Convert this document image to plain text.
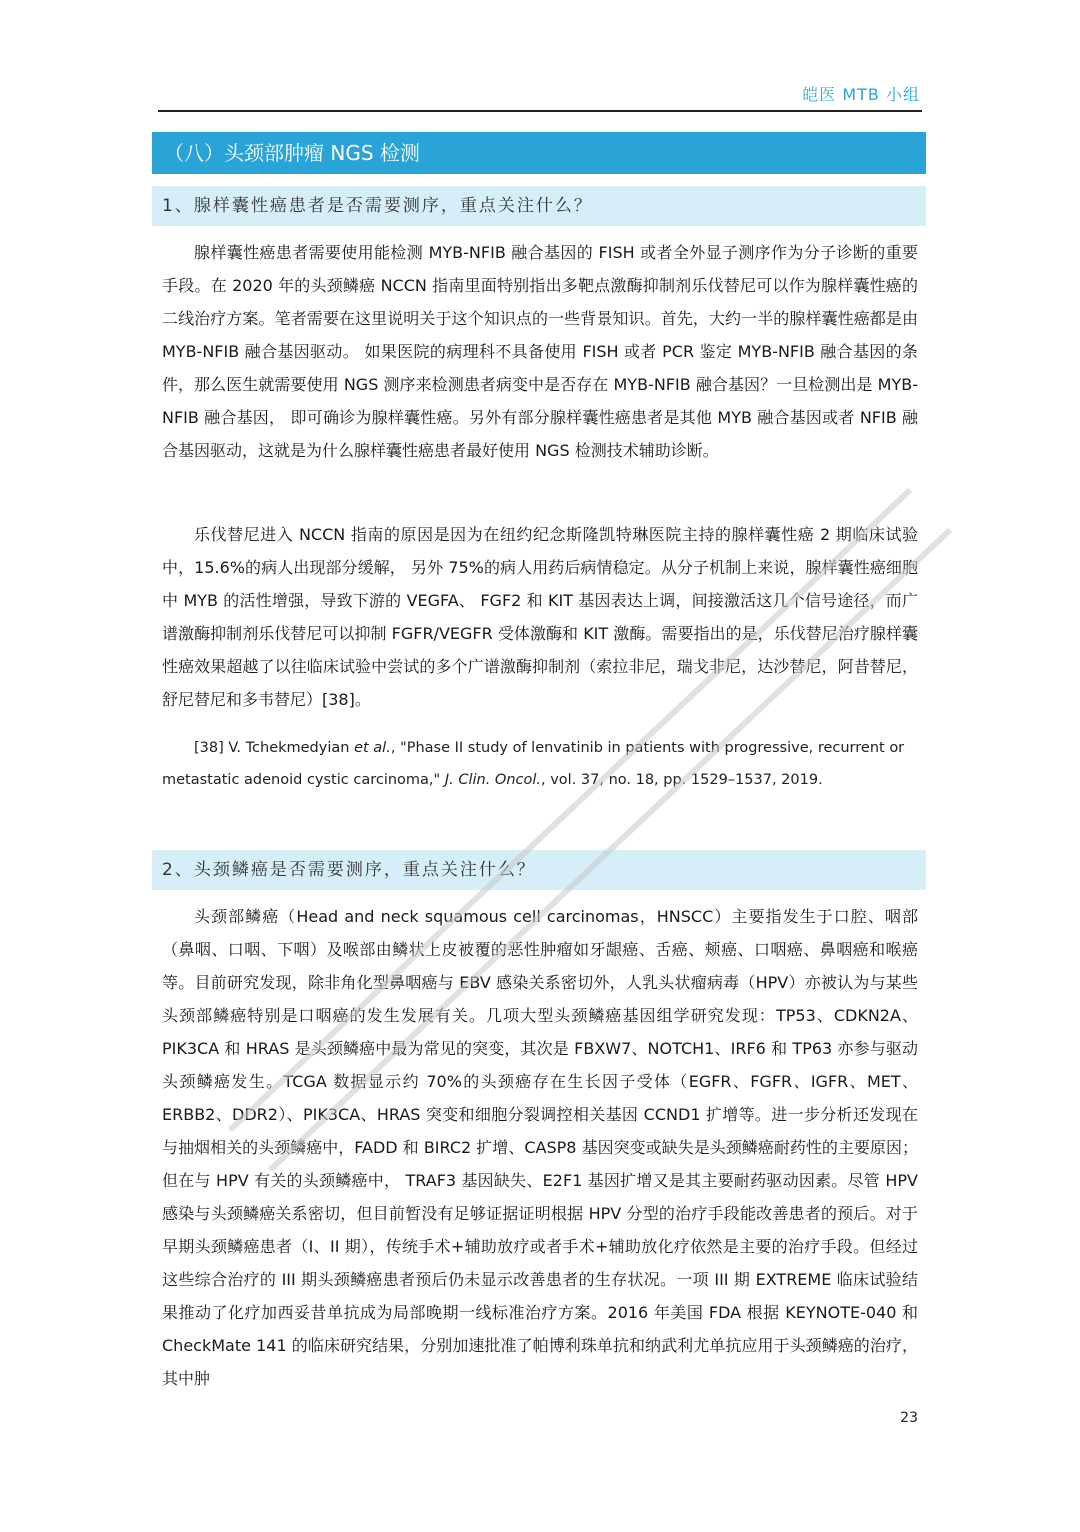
皑医 MTB 小组
（八）头颈部肿瘤 NGS 检测
1、腺样囊性癌患者是否需要测序，重点关注什么？

腺样囊性癌患者需要使用能检测 MYB-NFIB 融合基因的 FISH 或者全外显子测序作为分子诊断的重要手段。在 2020 年的头颈鳞癌 NCCN 指南里面特别指出多靶点激酶抑制剂乐伐替尼可以作为腺样囊性癌的二线治疗方案。笔者需要在这里说明关于这个知识点的一些背景知识。首先，大约一半的腺样囊性癌都是由 MYB-NFIB 融合基因驱动。 如果医院的病理科不具备使用 FISH 或者 PCR 鉴定 MYB-NFIB 融合基因的条件，那么医生就需要使用 NGS 测序来检测患者病变中是否存在 MYB-NFIB 融合基因？一旦检测出是 MYB-NFIB 融合基因， 即可确诊为腺样囊性癌。另外有部分腺样囊性癌患者是其他 MYB 融合基因或者 NFIB 融合基因驱动，这就是为什么腺样囊性癌患者最好使用 NGS 检测技术辅助诊断。

乐伐替尼进入 NCCN 指南的原因是因为在纽约纪念斯隆凯特琳医院主持的腺样囊性癌 2 期临床试验中，15.6%的病人出现部分缓解， 另外 75%的病人用药后病情稳定。从分子机制上来说，腺样囊性癌细胞中 MYB 的活性增强，导致下游的 VEGFA、 FGF2 和 KIT 基因表达上调，间接激活这几个信号途径，而广谱激酶抑制剂乐伐替尼可以抑制 FGFR/VEGFR 受体激酶和 KIT 激酶。需要指出的是，乐伐替尼治疗腺样囊性癌效果超越了以往临床试验中尝试的多个广谱激酶抑制剂（索拉非尼，瑞戈非尼，达沙替尼，阿昔替尼，舒尼替尼和多韦替尼）[38]。

[38] V. Tchekmedyian et al., "Phase II study of lenvatinib in patients with progressive, recurrent or metastatic adenoid cystic carcinoma," J. Clin. Oncol., vol. 37, no. 18, pp. 1529–1537, 2019.

2、头颈鳞癌是否需要测序，重点关注什么？

头颈部鳞癌（Head and neck squamous cell carcinomas，HNSCC）主要指发生于口腔、咽部（鼻咽、口咽、下咽）及喉部由鳞状上皮被覆的恶性肿瘤如牙龈癌、舌癌、颊癌、口咽癌、鼻咽癌和喉癌等。目前研究发现，除非角化型鼻咽癌与 EBV 感染关系密切外，人乳头状瘤病毒（HPV）亦被认为与某些头颈部鳞癌特别是口咽癌的发生发展有关。几项大型头颈鳞癌基因组学研究发现：TP53、CDKN2A、PIK3CA 和 HRAS 是头颈鳞癌中最为常见的突变，其次是 FBXW7、NOTCH1、IRF6 和 TP63 亦参与驱动头颈鳞癌发生。TCGA 数据显示约 70%的头颈癌存在生长因子受体（EGFR、FGFR、IGFR、MET、ERBB2、DDR2）、PIK3CA、HRAS 突变和细胞分裂调控相关基因 CCND1 扩增等。进一步分析还发现在与抽烟相关的头颈鳞癌中，FADD 和 BIRC2 扩增、CASP8 基因突变或缺失是头颈鳞癌耐药性的主要原因；但在与 HPV 有关的头颈鳞癌中， TRAF3 基因缺失、E2F1 基因扩增又是其主要耐药驱动因素。尽管 HPV 感染与头颈鳞癌关系密切，但目前暂没有足够证据证明根据 HPV 分型的治疗手段能改善患者的预后。对于早期头颈鳞癌患者（I、II 期），传统手术+辅助放疗或者手术+辅助放化疗依然是主要的治疗手段。但经过这些综合治疗的 III 期头颈鳞癌患者预后仍未显示改善患者的生存状况。一项 III 期 EXTREME 临床试验结果推动了化疗加西妥昔单抗成为局部晚期一线标准治疗方案。2016 年美国 FDA 根据 KEYNOTE-040 和 CheckMate 141 的临床研究结果，分别加速批准了帕博利珠单抗和纳武利尤单抗应用于头颈鳞癌的治疗，其中肿

23
